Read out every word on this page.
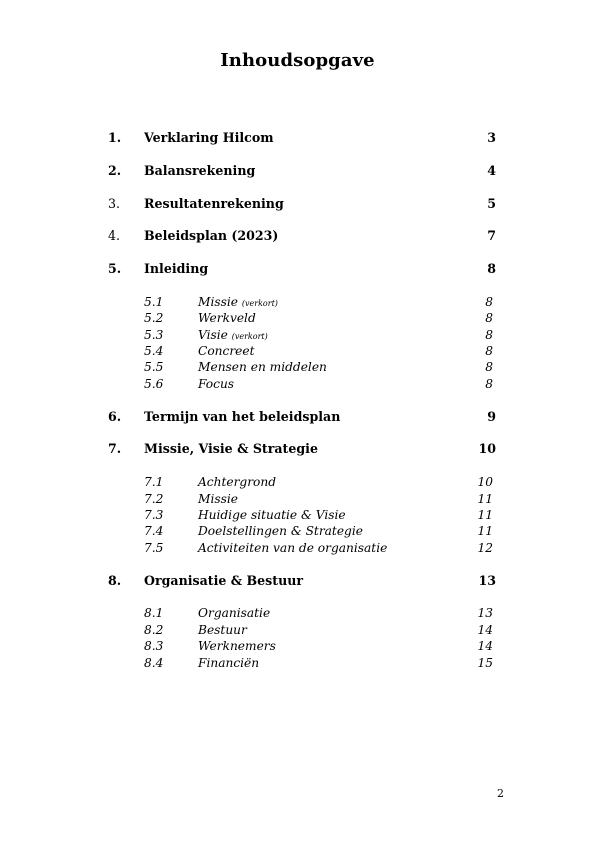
Inhoudsopgave
1. Verklaring Hilcom	3
2. Balansrekening	4
3. Resultatenrekening	5
4. Beleidsplan (2023)	7
5. Inleiding	8
5.1	Missie (verkort)	8
5.2	Werkveld	8
5.3	Visie (verkort)	8
5.4	Concreet	8
5.5	Mensen en middelen	8
5.6	Focus	8
6. Termijn van het beleidsplan	9
7. Missie, Visie & Strategie	10
7.1	Achtergrond	10
7.2	Missie	11
7.3	Huidige situatie & Visie	11
7.4	Doelstellingen & Strategie	11
7.5	Activiteiten van de organisatie	12
8. Organisatie & Bestuur	13
8.1	Organisatie	13
8.2	Bestuur	14
8.3	Werknemers	14
8.4	Financiën	15
2
